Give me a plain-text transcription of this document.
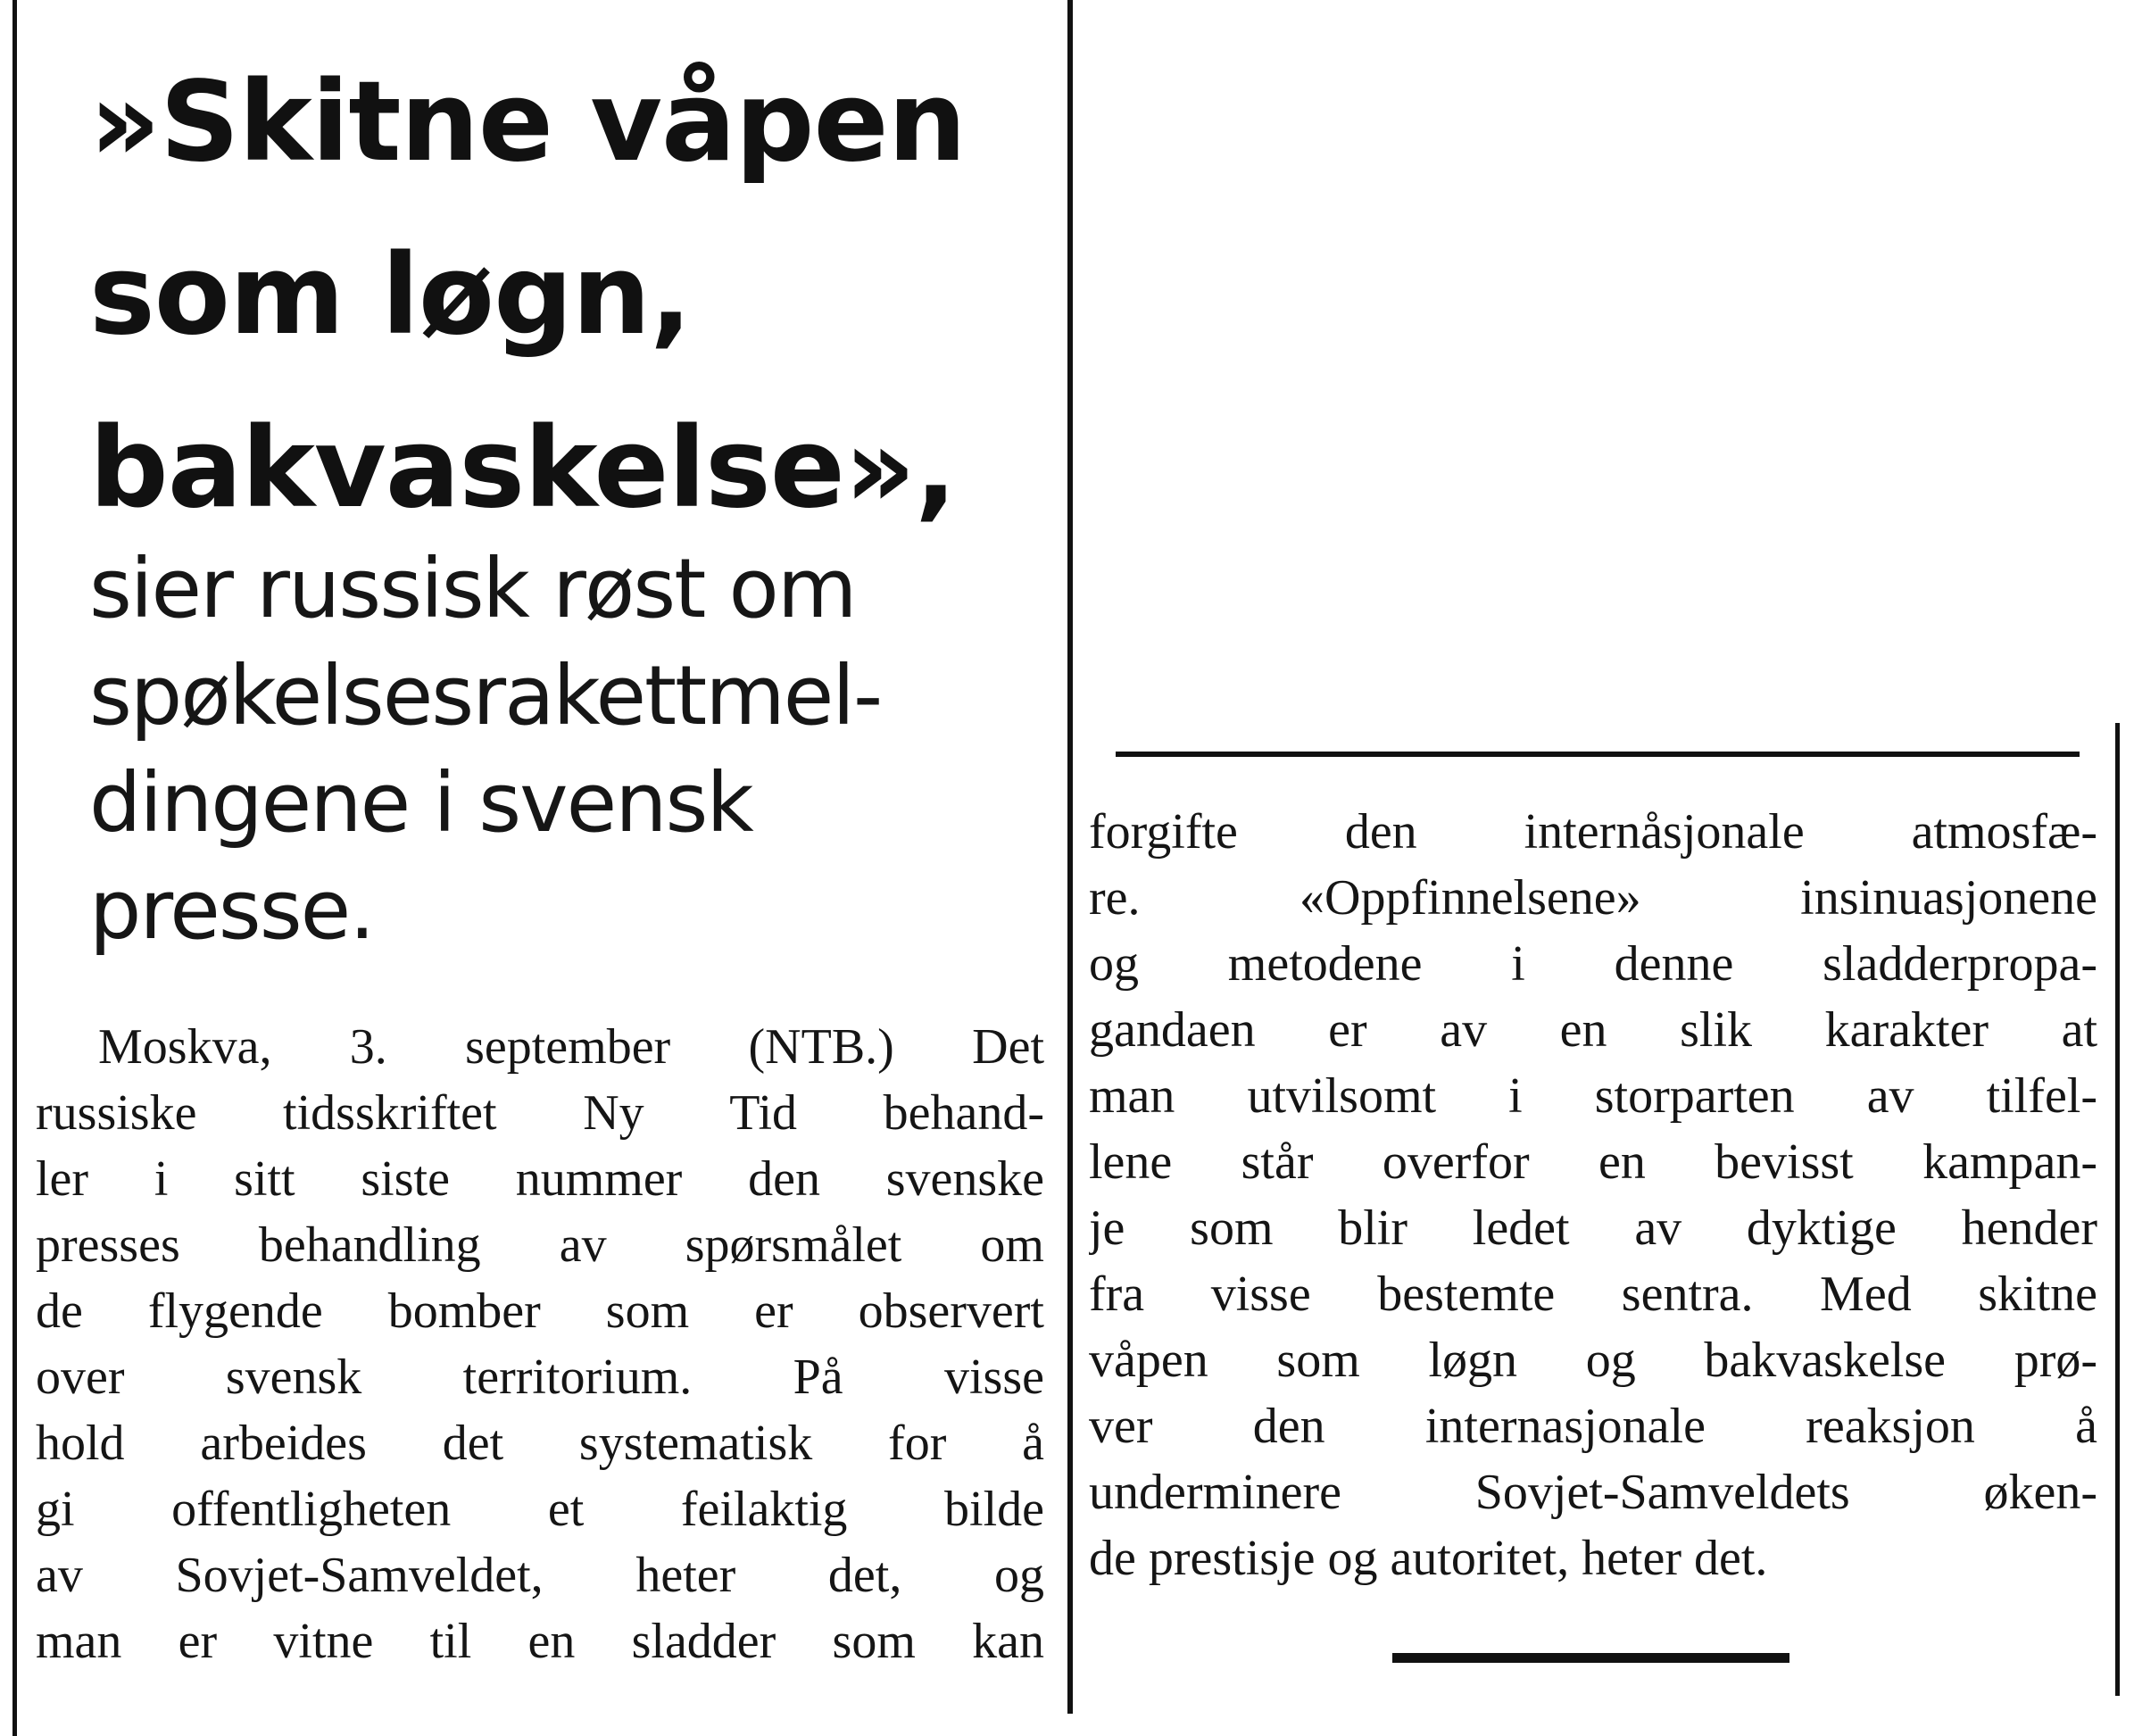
»Skitne våpen
som løgn,
bakvaskelse»,
sier russisk røst om
spøkelsesrakettmel-
dingene i svensk
presse.
Moskva, 3. september (NTB.) Det
russiske tidsskriftet Ny Tid behand-
ler i sitt siste nummer den svenske
presses behandling av spørsmålet om
de flygende bomber som er observert
over svensk territorium. På visse
hold arbeides det systematisk for å
gi offentligheten et feilaktig bilde
av Sovjet-Samveldet, heter det, og
man er vitne til en sladder som kan
forgifte den internåsjonale atmosfæ-
re. «Oppfinnelsene» insinuasjonene
og metodene i denne sladderpropa-
gandaen er av en slik karakter at
man utvilsomt i storparten av tilfel-
lene står overfor en bevisst kampan-
je som blir ledet av dyktige hender
fra visse bestemte sentra. Med skitne
våpen som løgn og bakvaskelse prø-
ver den internasjonale reaksjon å
underminere Sovjet-Samveldets øken-
de prestisje og autoritet, heter det.
